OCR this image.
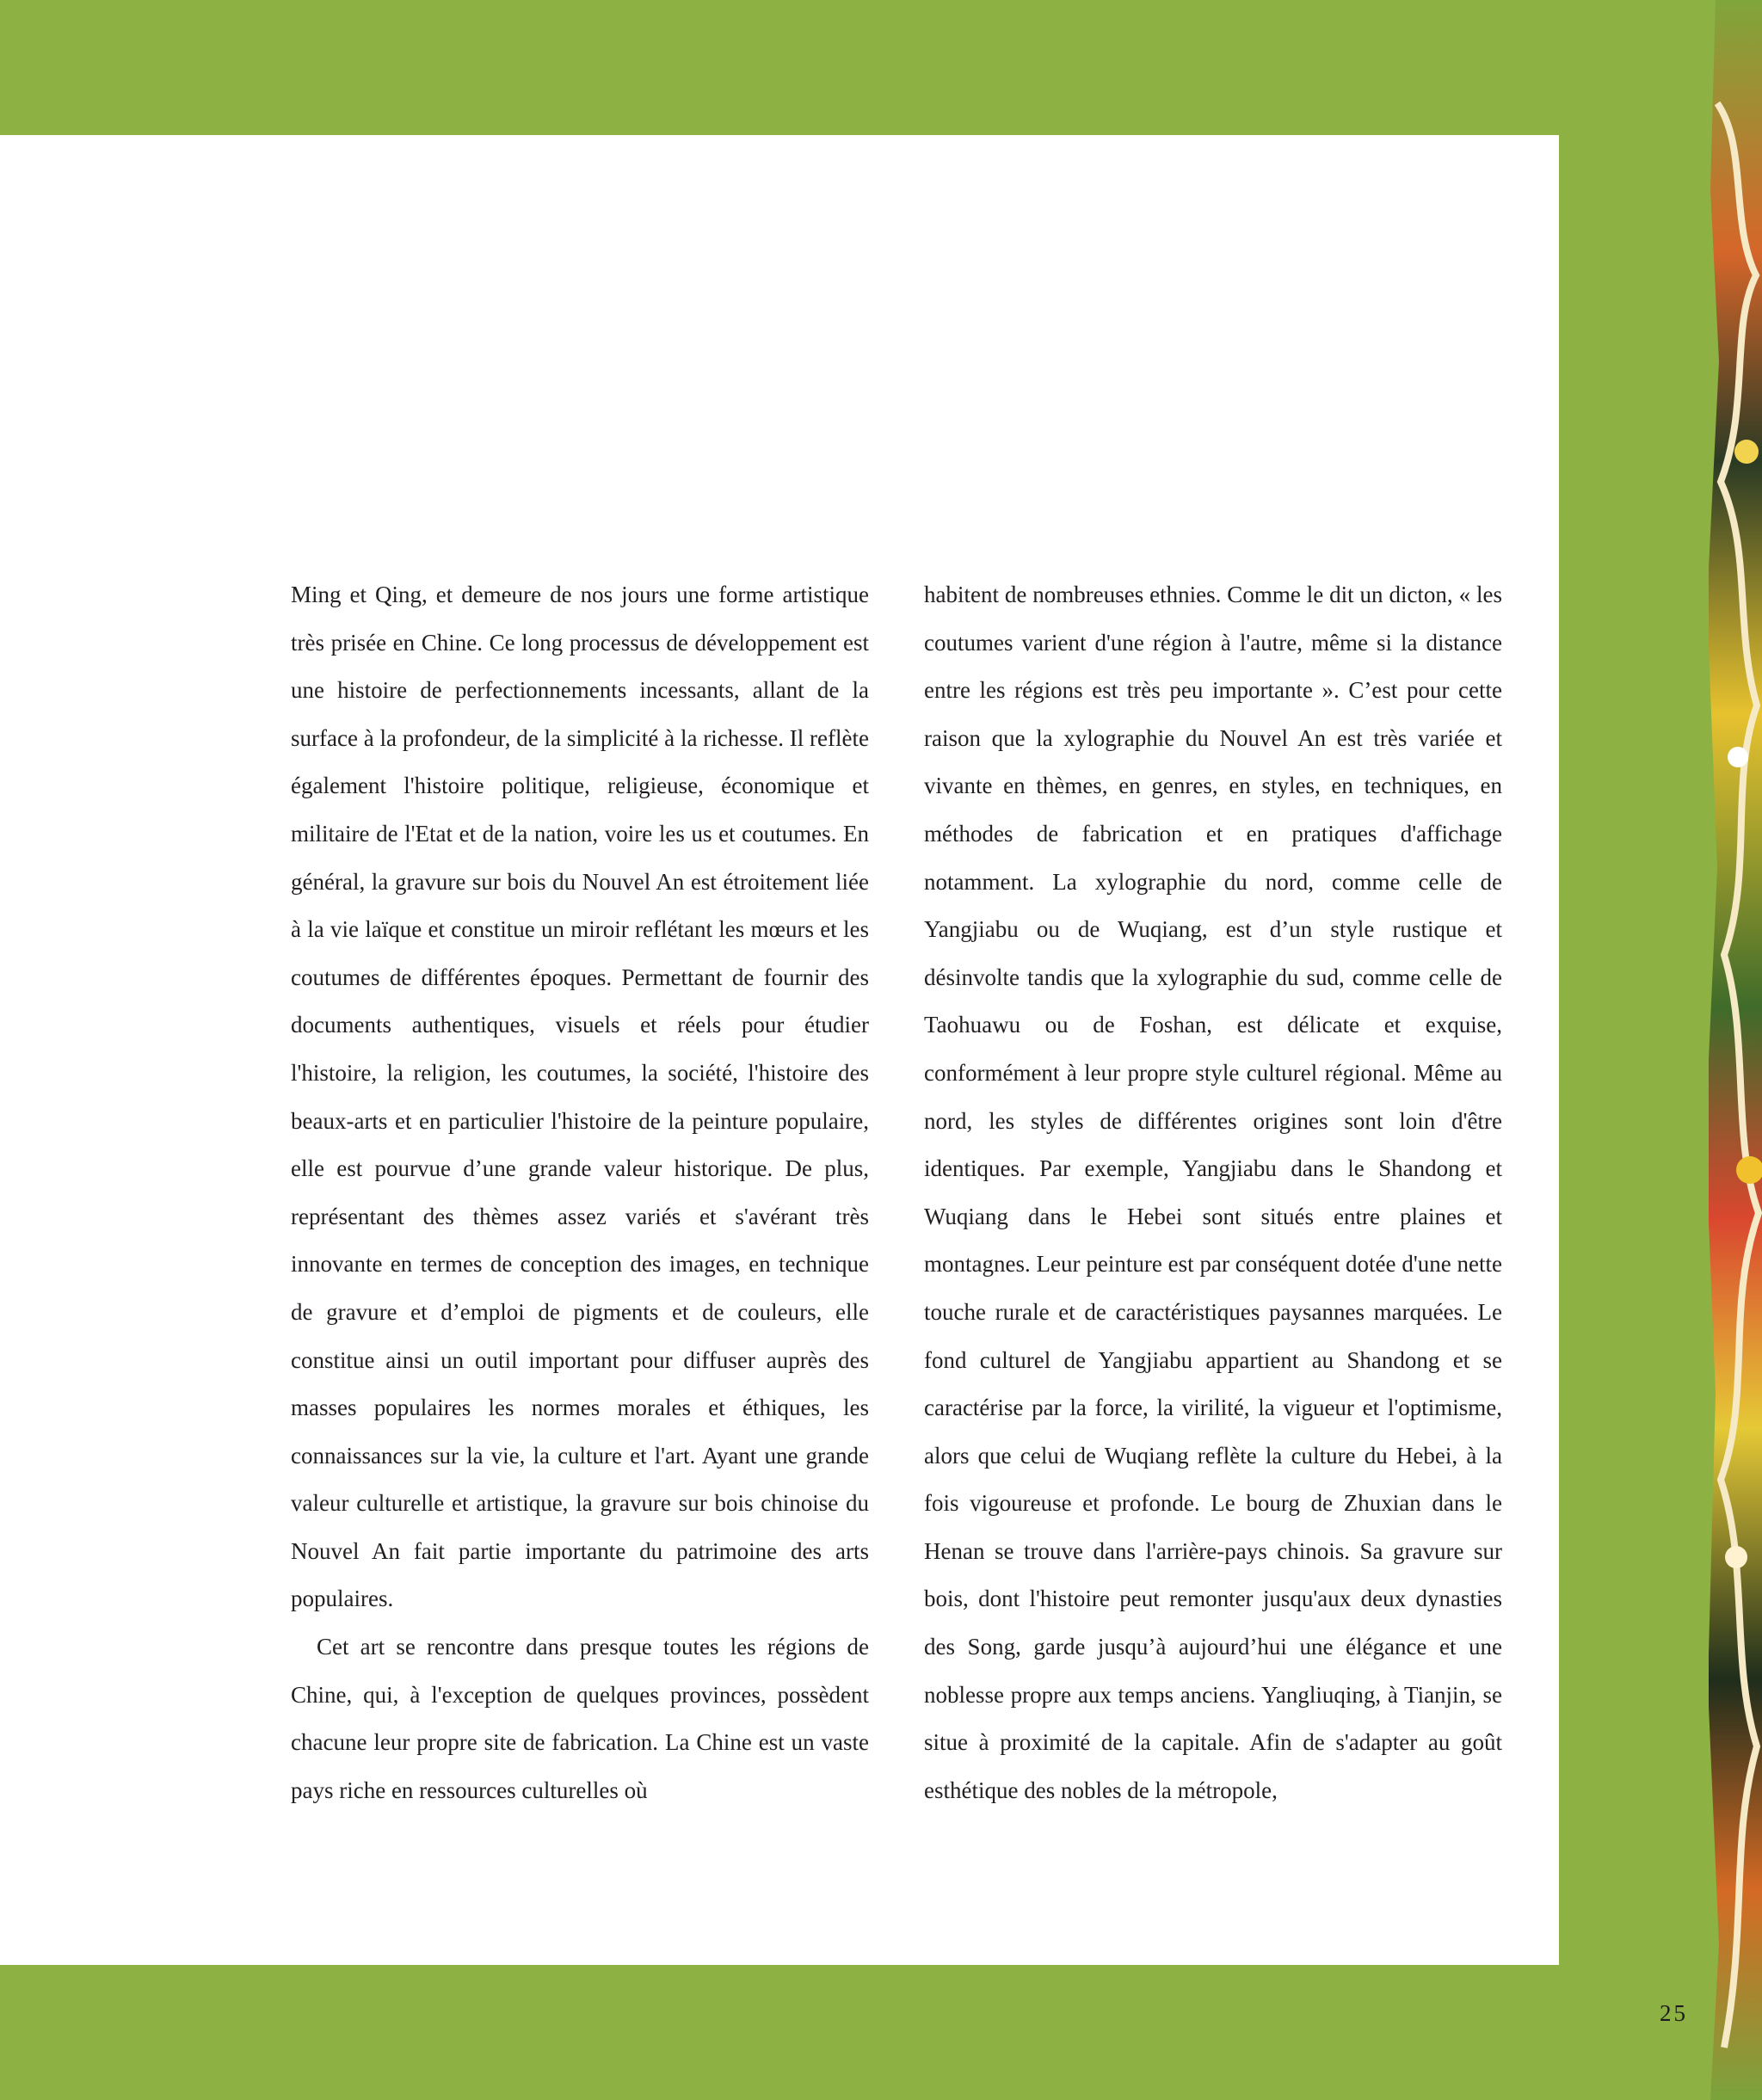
Ming et Qing, et demeure de nos jours une forme artistique très prisée en Chine. Ce long processus de développement est une histoire de perfectionnements incessants, allant de la surface à la profondeur, de la simplicité à la richesse. Il reflète également l'histoire politique, religieuse, économique et militaire de l'Etat et de la nation, voire les us et coutumes. En général, la gravure sur bois du Nouvel An est étroitement liée à la vie laïque et constitue un miroir reflétant les mœurs et les coutumes de différentes époques. Permettant de fournir des documents authentiques, visuels et réels pour étudier l'histoire, la religion, les coutumes, la société, l'histoire des beaux-arts et en particulier l'histoire de la peinture populaire, elle est pourvue d’une grande valeur historique. De plus, représentant des thèmes assez variés et s'avérant très innovante en termes de conception des images, en technique de gravure et d’emploi de pigments et de couleurs, elle constitue ainsi un outil important pour diffuser auprès des masses populaires les normes morales et éthiques, les connaissances sur la vie, la culture et l'art. Ayant une grande valeur culturelle et artistique, la gravure sur bois chinoise du Nouvel An fait partie importante du patrimoine des arts populaires.

Cet art se rencontre dans presque toutes les régions de Chine, qui, à l'exception de quelques provinces, possèdent chacune leur propre site de fabrication. La Chine est un vaste pays riche en ressources culturelles où

habitent de nombreuses ethnies. Comme le dit un dicton, « les coutumes varient d'une région à l'autre, même si la distance entre les régions est très peu importante ». C’est pour cette raison que la xylographie du Nouvel An est très variée et vivante en thèmes, en genres, en styles, en techniques, en méthodes de fabrication et en pratiques d'affichage notamment. La xylographie du nord, comme celle de Yangjiabu ou de Wuqiang, est d’un style rustique et désinvolte tandis que la xylographie du sud, comme celle de Taohuawu ou de Foshan, est délicate et exquise, conformément à leur propre style culturel régional. Même au nord, les styles de différentes origines sont loin d'être identiques. Par exemple, Yangjiabu dans le Shandong et Wuqiang dans le Hebei sont situés entre plaines et montagnes. Leur peinture est par conséquent dotée d'une nette touche rurale et de caractéristiques paysannes marquées. Le fond culturel de Yangjiabu appartient au Shandong et se caractérise par la force, la virilité, la vigueur et l'optimisme, alors que celui de Wuqiang reflète la culture du Hebei, à la fois vigoureuse et profonde. Le bourg de Zhuxian dans le Henan se trouve dans l'arrière-pays chinois. Sa gravure sur bois, dont l'histoire peut remonter jusqu'aux deux dynasties des Song, garde jusqu’à aujourd’hui une élégance et une noblesse propre aux temps anciens. Yangliuqing, à Tianjin, se situe à proximité de la capitale. Afin de s'adapter au goût esthétique des nobles de la métropole,

25
